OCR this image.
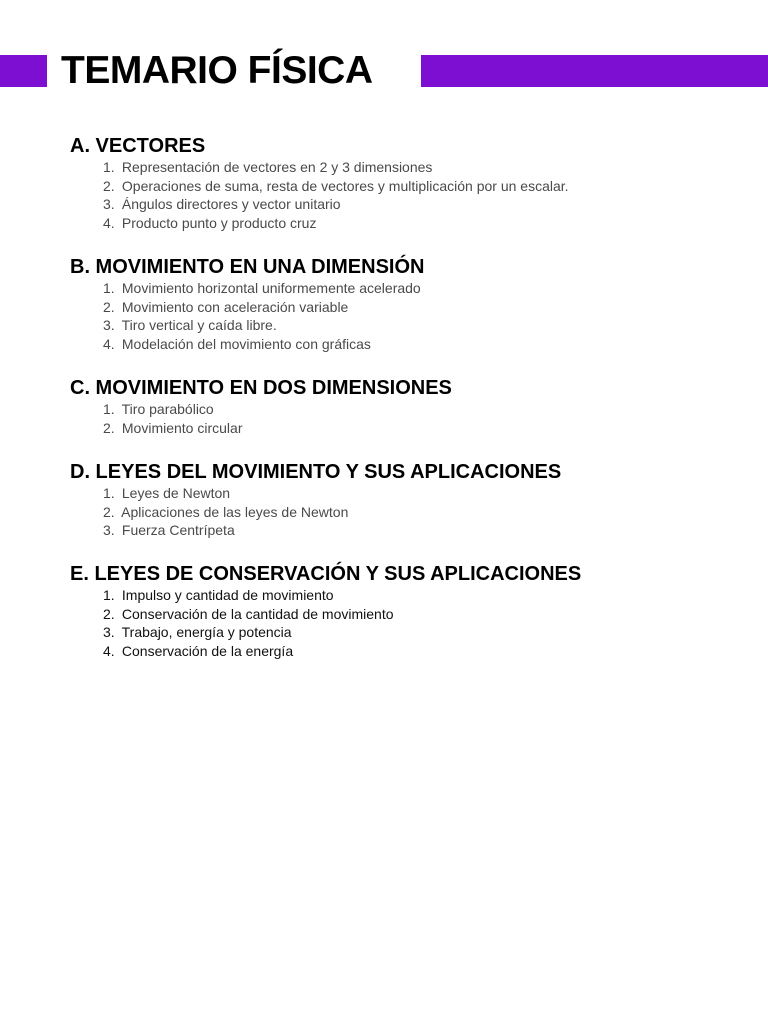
TEMARIO FÍSICA
A. VECTORES
1. Representación de vectores en 2 y 3 dimensiones
2. Operaciones de suma, resta de vectores y multiplicación por un escalar.
3. Ángulos directores y vector unitario
4. Producto punto y producto cruz
B. MOVIMIENTO EN UNA DIMENSIÓN
1. Movimiento horizontal uniformemente acelerado
2. Movimiento con aceleración variable
3. Tiro vertical y caída libre.
4. Modelación del movimiento con gráficas
C. MOVIMIENTO EN DOS DIMENSIONES
1. Tiro parabólico
2. Movimiento circular
D. LEYES DEL MOVIMIENTO Y SUS APLICACIONES
1. Leyes de Newton
2. Aplicaciones de las leyes de Newton
3. Fuerza Centrípeta
E. LEYES DE CONSERVACIÓN Y SUS APLICACIONES
1. Impulso y cantidad de movimiento
2. Conservación de la cantidad de movimiento
3. Trabajo, energía y potencia
4. Conservación de la energía
